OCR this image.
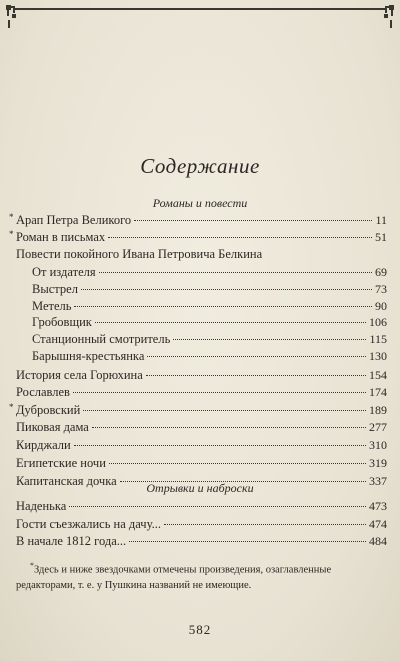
Содержание
Романы и повести
Отрывки и наброски
* Арап Петра Великого	11
* Роман в письмах	51
Повести покойного Ивана Петровича Белкина
От издателя	69
Выстрел	73
Метель	90
Гробовщик	106
Станционный смотритель	115
Барышня-крестьянка	130
История села Горюхина	154
Рославлев	174
* Дубровский	189
Пиковая дама	277
Кирджали	310
Египетские ночи	319
Капитанская дочка	337
Наденька	473
Гости съезжались на дачу...	474
В начале 1812 года...	484

*Здесь и ниже звездочками отмечены произведения, озаглавленные редакторами, т. е. у Пушкина названий не имеющие.

582
